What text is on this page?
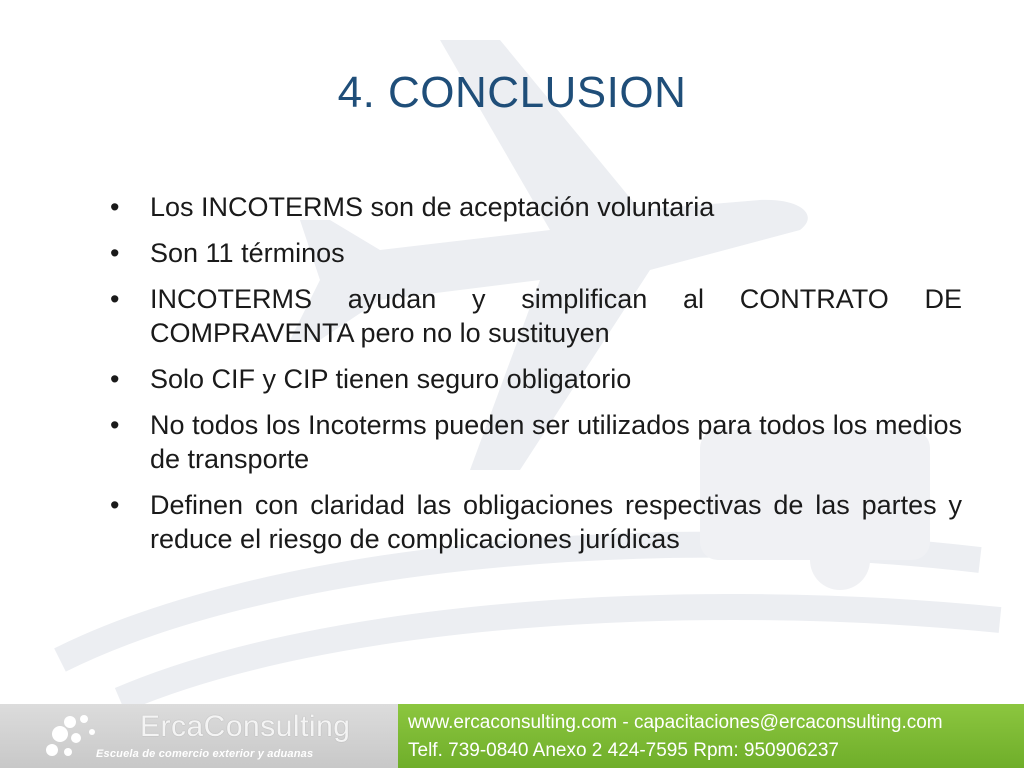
4. CONCLUSION
•	Los INCOTERMS son de aceptación voluntaria
•	Son 11 términos
•	INCOTERMS ayudan y simplifican al CONTRATO DE COMPRAVENTA pero no lo sustituyen
•	Solo CIF y CIP tienen seguro obligatorio
•	No todos los Incoterms pueden ser utilizados para todos los medios de transporte
•	Definen con claridad las obligaciones respectivas de las partes y reduce el riesgo de complicaciones jurídicas
ErcaConsulting
Escuela de comercio exterior y aduanas
www.ercaconsulting.com - capacitaciones@ercaconsulting.com
Telf. 739-0840 Anexo 2 424-7595 Rpm: 950906237
